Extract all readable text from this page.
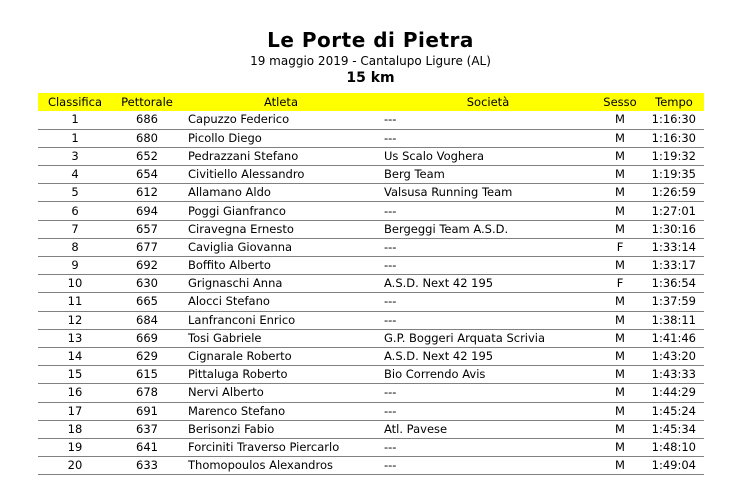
Le Porte di Pietra
19 maggio 2019 - Cantalupo Ligure (AL)
15 km
Classifica	Pettorale	Atleta	Società	Sesso	Tempo
1	686	Capuzzo Federico	---	M	1:16:30
1	680	Picollo Diego	---	M	1:16:30
3	652	Pedrazzani Stefano	Us Scalo Voghera	M	1:19:32
4	654	Civitiello Alessandro	Berg Team	M	1:19:35
5	612	Allamano Aldo	Valsusa Running Team	M	1:26:59
6	694	Poggi Gianfranco	---	M	1:27:01
7	657	Ciravegna Ernesto	Bergeggi Team A.S.D.	M	1:30:16
8	677	Caviglia Giovanna	---	F	1:33:14
9	692	Boffito Alberto	---	M	1:33:17
10	630	Grignaschi Anna	A.S.D. Next 42 195	F	1:36:54
11	665	Alocci Stefano	---	M	1:37:59
12	684	Lanfranconi Enrico	---	M	1:38:11
13	669	Tosi Gabriele	G.P. Boggeri Arquata Scrivia	M	1:41:46
14	629	Cignarale Roberto	A.S.D. Next 42 195	M	1:43:20
15	615	Pittaluga Roberto	Bio Correndo Avis	M	1:43:33
16	678	Nervi Alberto	---	M	1:44:29
17	691	Marenco Stefano	---	M	1:45:24
18	637	Berisonzi Fabio	Atl. Pavese	M	1:45:34
19	641	Forciniti Traverso Piercarlo	---	M	1:48:10
20	633	Thomopoulos Alexandros	---	M	1:49:04
